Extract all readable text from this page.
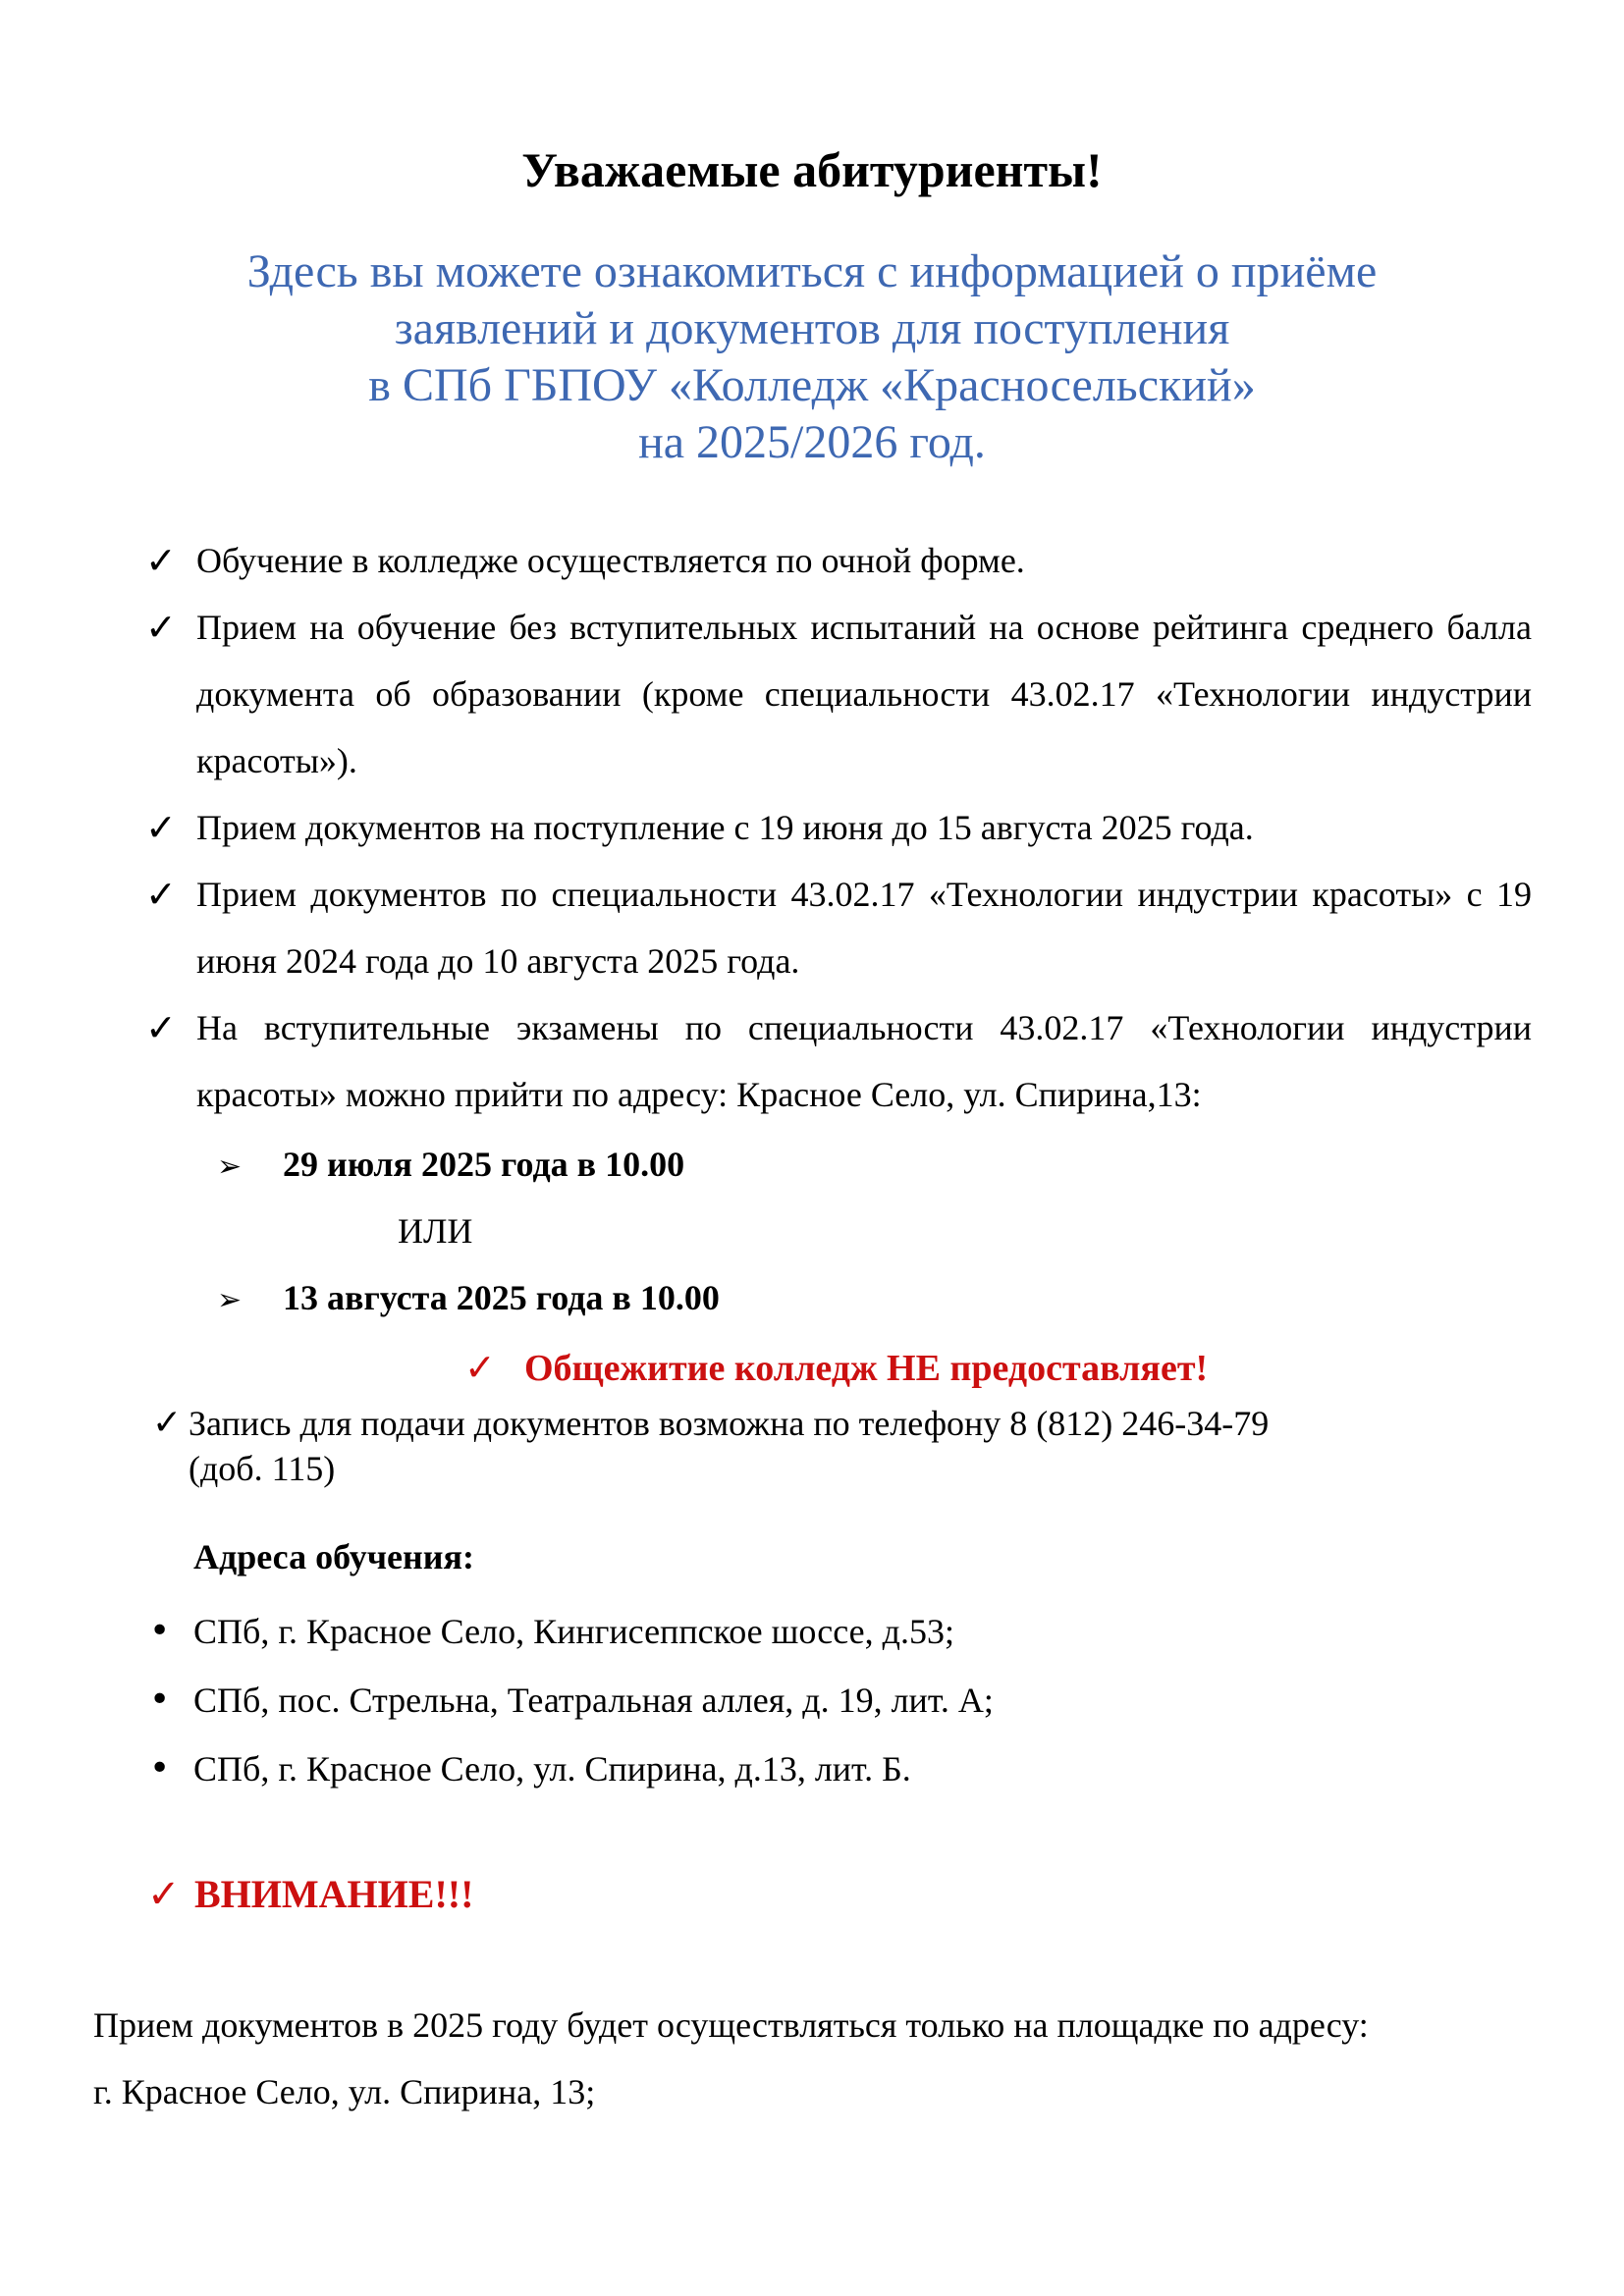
Уважаемые абитуриенты!
Здесь вы можете ознакомиться с информацией о приёме
заявлений и документов для поступления
в СПб ГБПОУ «Колледж «Красносельский»
на 2025/2026 год.
✓ Обучение в колледже осуществляется по очной форме.
✓ Прием на обучение без вступительных испытаний на основе рейтинга среднего балла документа об образовании (кроме специальности 43.02.17 «Технологии индустрии красоты»).
✓ Прием документов на поступление с 19 июня до 15 августа 2025 года.
✓ Прием документов по специальности 43.02.17 «Технологии индустрии красоты» с 19 июня 2024 года до 10 августа 2025 года.
✓ На вступительные экзамены по специальности 43.02.17 «Технологии индустрии красоты» можно прийти по адресу: Красное Село, ул. Спирина,13:
➢ 29 июля 2025 года в 10.00
ИЛИ
➢ 13 августа 2025 года в 10.00
✓ Общежитие колледж НЕ предоставляет!
✓ Запись для подачи документов возможна по телефону 8 (812) 246-34-79
(доб. 115)
Адреса обучения:
• СПб, г. Красное Село, Кингисеппское шоссе, д.53;
• СПб, пос. Стрельна, Театральная аллея, д. 19, лит. А;
• СПб, г. Красное Село, ул. Спирина, д.13, лит. Б.
✓ ВНИМАНИЕ!!!
Прием документов в 2025 году будет осуществляться только на площадке по адресу:
г. Красное Село, ул. Спирина, 13;
